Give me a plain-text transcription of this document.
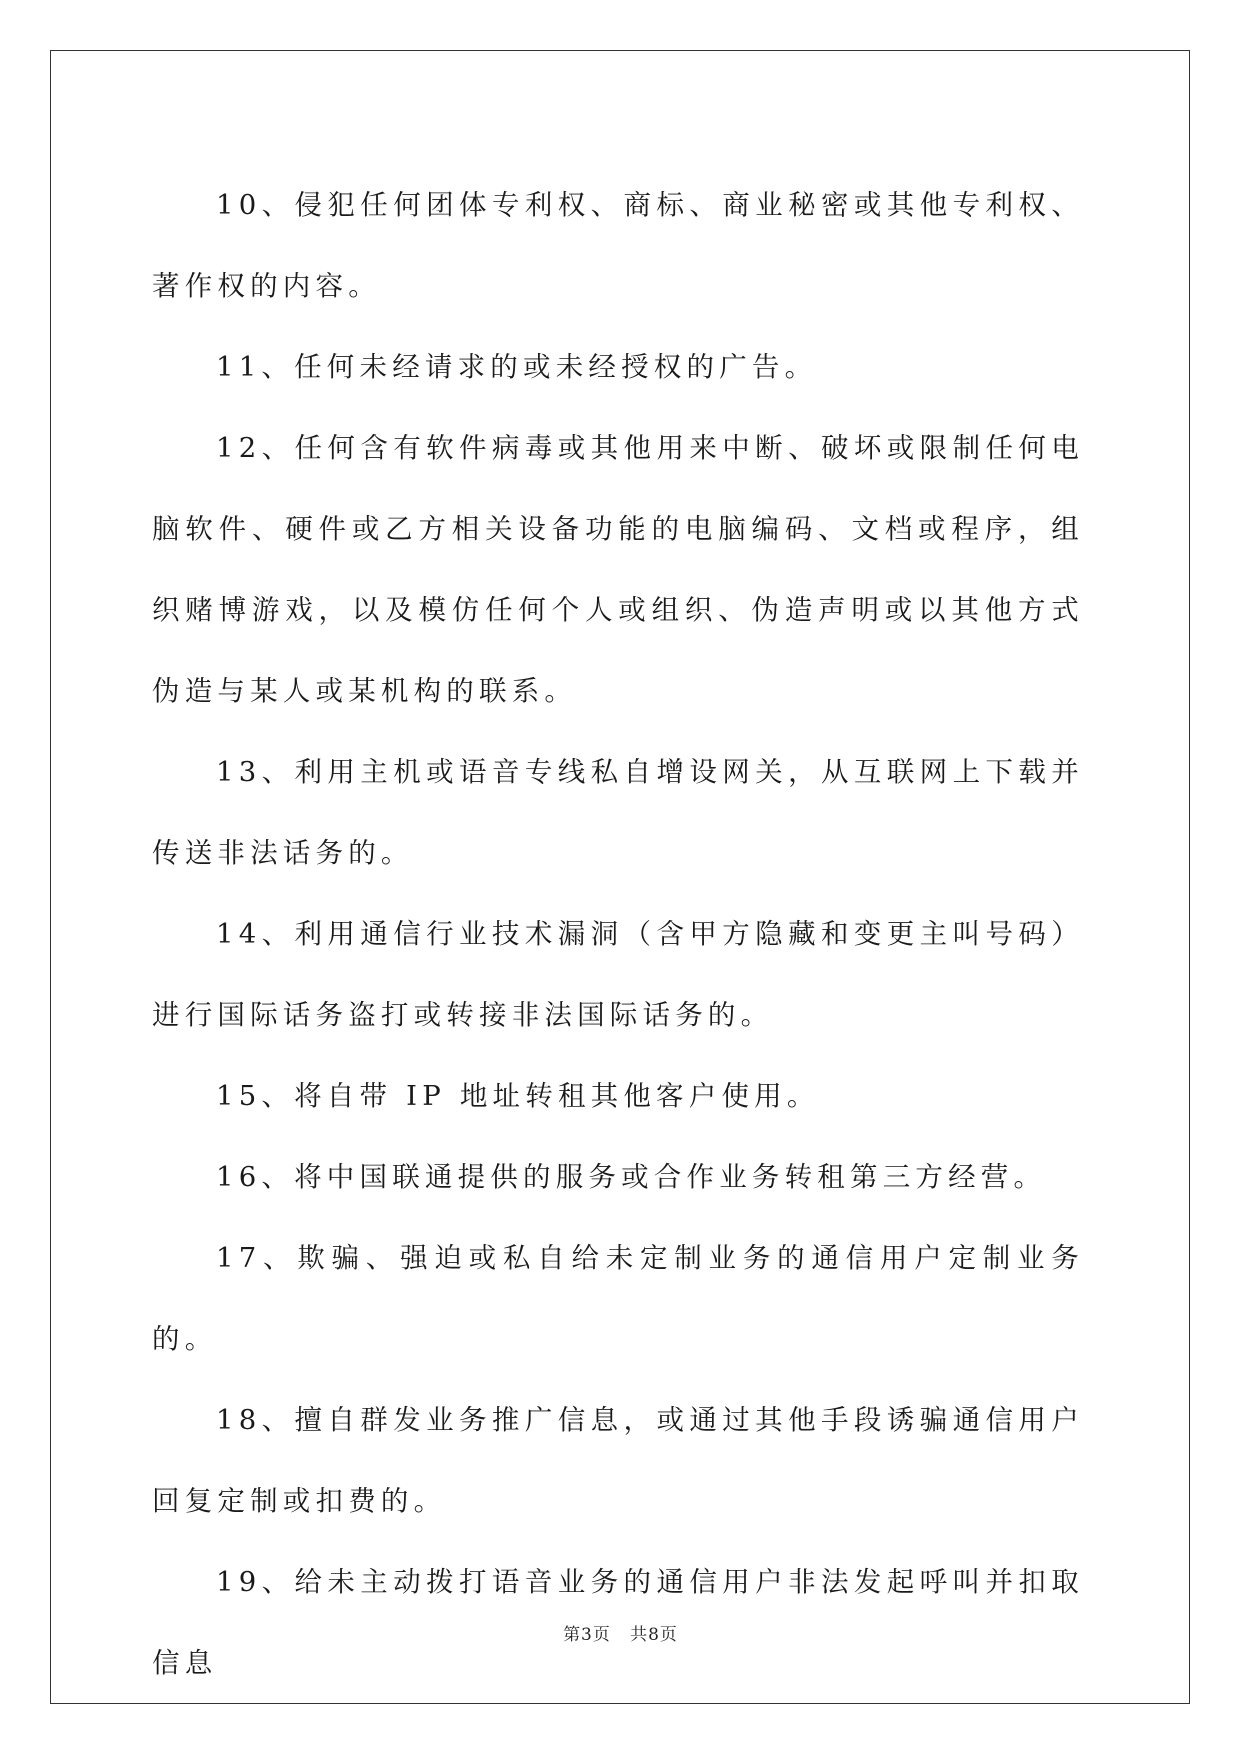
10、侵犯任何团体专利权、商标、商业秘密或其他专利权、著作权的内容。

11、任何未经请求的或未经授权的广告。

12、任何含有软件病毒或其他用来中断、破坏或限制任何电脑软件、硬件或乙方相关设备功能的电脑编码、文档或程序，组织赌博游戏，以及模仿任何个人或组织、伪造声明或以其他方式伪造与某人或某机构的联系。

13、利用主机或语音专线私自增设网关，从互联网上下载并传送非法话务的。

14、利用通信行业技术漏洞（含甲方隐藏和变更主叫号码）进行国际话务盗打或转接非法国际话务的。

15、将自带 IP 地址转租其他客户使用。

16、将中国联通提供的服务或合作业务转租第三方经营。

17、欺骗、强迫或私自给未定制业务的通信用户定制业务的。

18、擅自群发业务推广信息，或通过其他手段诱骗通信用户回复定制或扣费的。

19、给未主动拨打语音业务的通信用户非法发起呼叫并扣取信息

第3页 共8页
